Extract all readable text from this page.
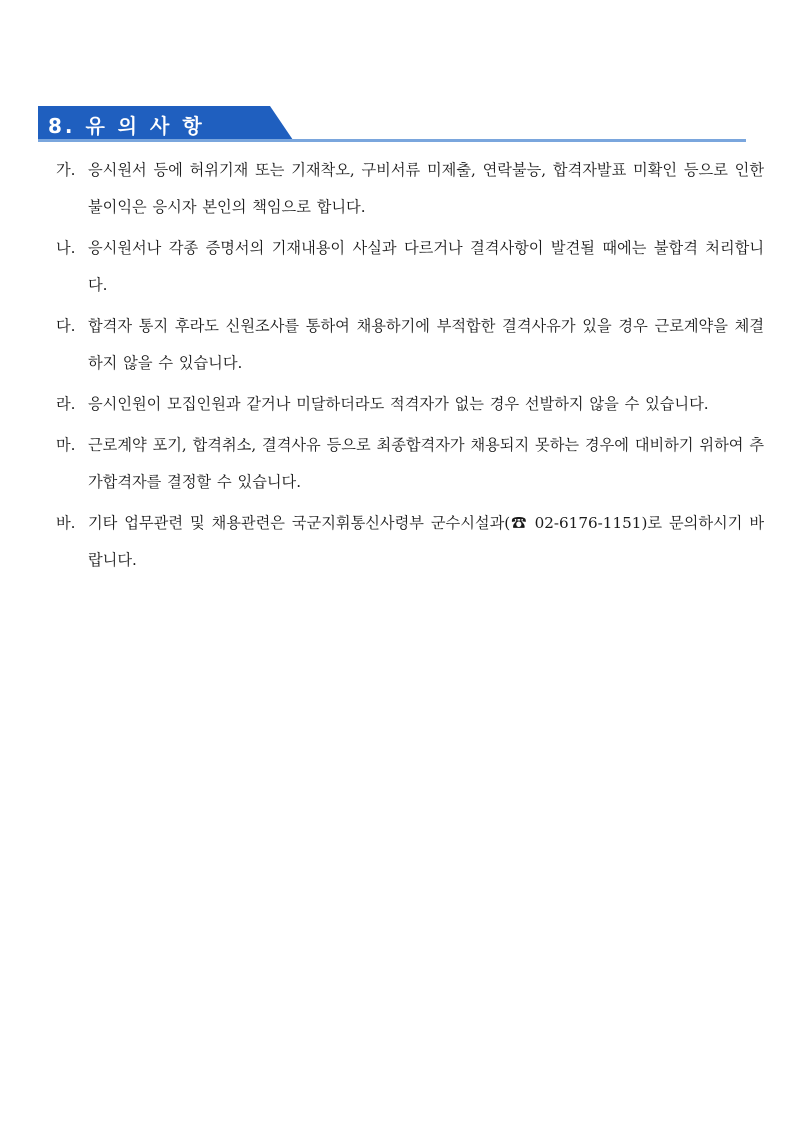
8. 유 의 사 항
가. 응시원서 등에 허위기재 또는 기재착오, 구비서류 미제출, 연락불능, 합격자발표 미확인 등으로 인한 불이익은 응시자 본인의 책임으로 합니다.
나. 응시원서나 각종 증명서의 기재내용이 사실과 다르거나 결격사항이 발견될 때에는 불합격 처리합니다.
다. 합격자 통지 후라도 신원조사를 통하여 채용하기에 부적합한 결격사유가 있을 경우 근로계약을 체결하지 않을 수 있습니다.
라. 응시인원이 모집인원과 같거나 미달하더라도 적격자가 없는 경우 선발하지 않을 수 있습니다.
마. 근로계약 포기, 합격취소, 결격사유 등으로 최종합격자가 채용되지 못하는 경우에 대비하기 위하여 추가합격자를 결정할 수 있습니다.
바. 기타 업무관련 및 채용관련은 국군지휘통신사령부 군수시설과(☎ 02-6176-1151)로 문의하시기 바랍니다.
